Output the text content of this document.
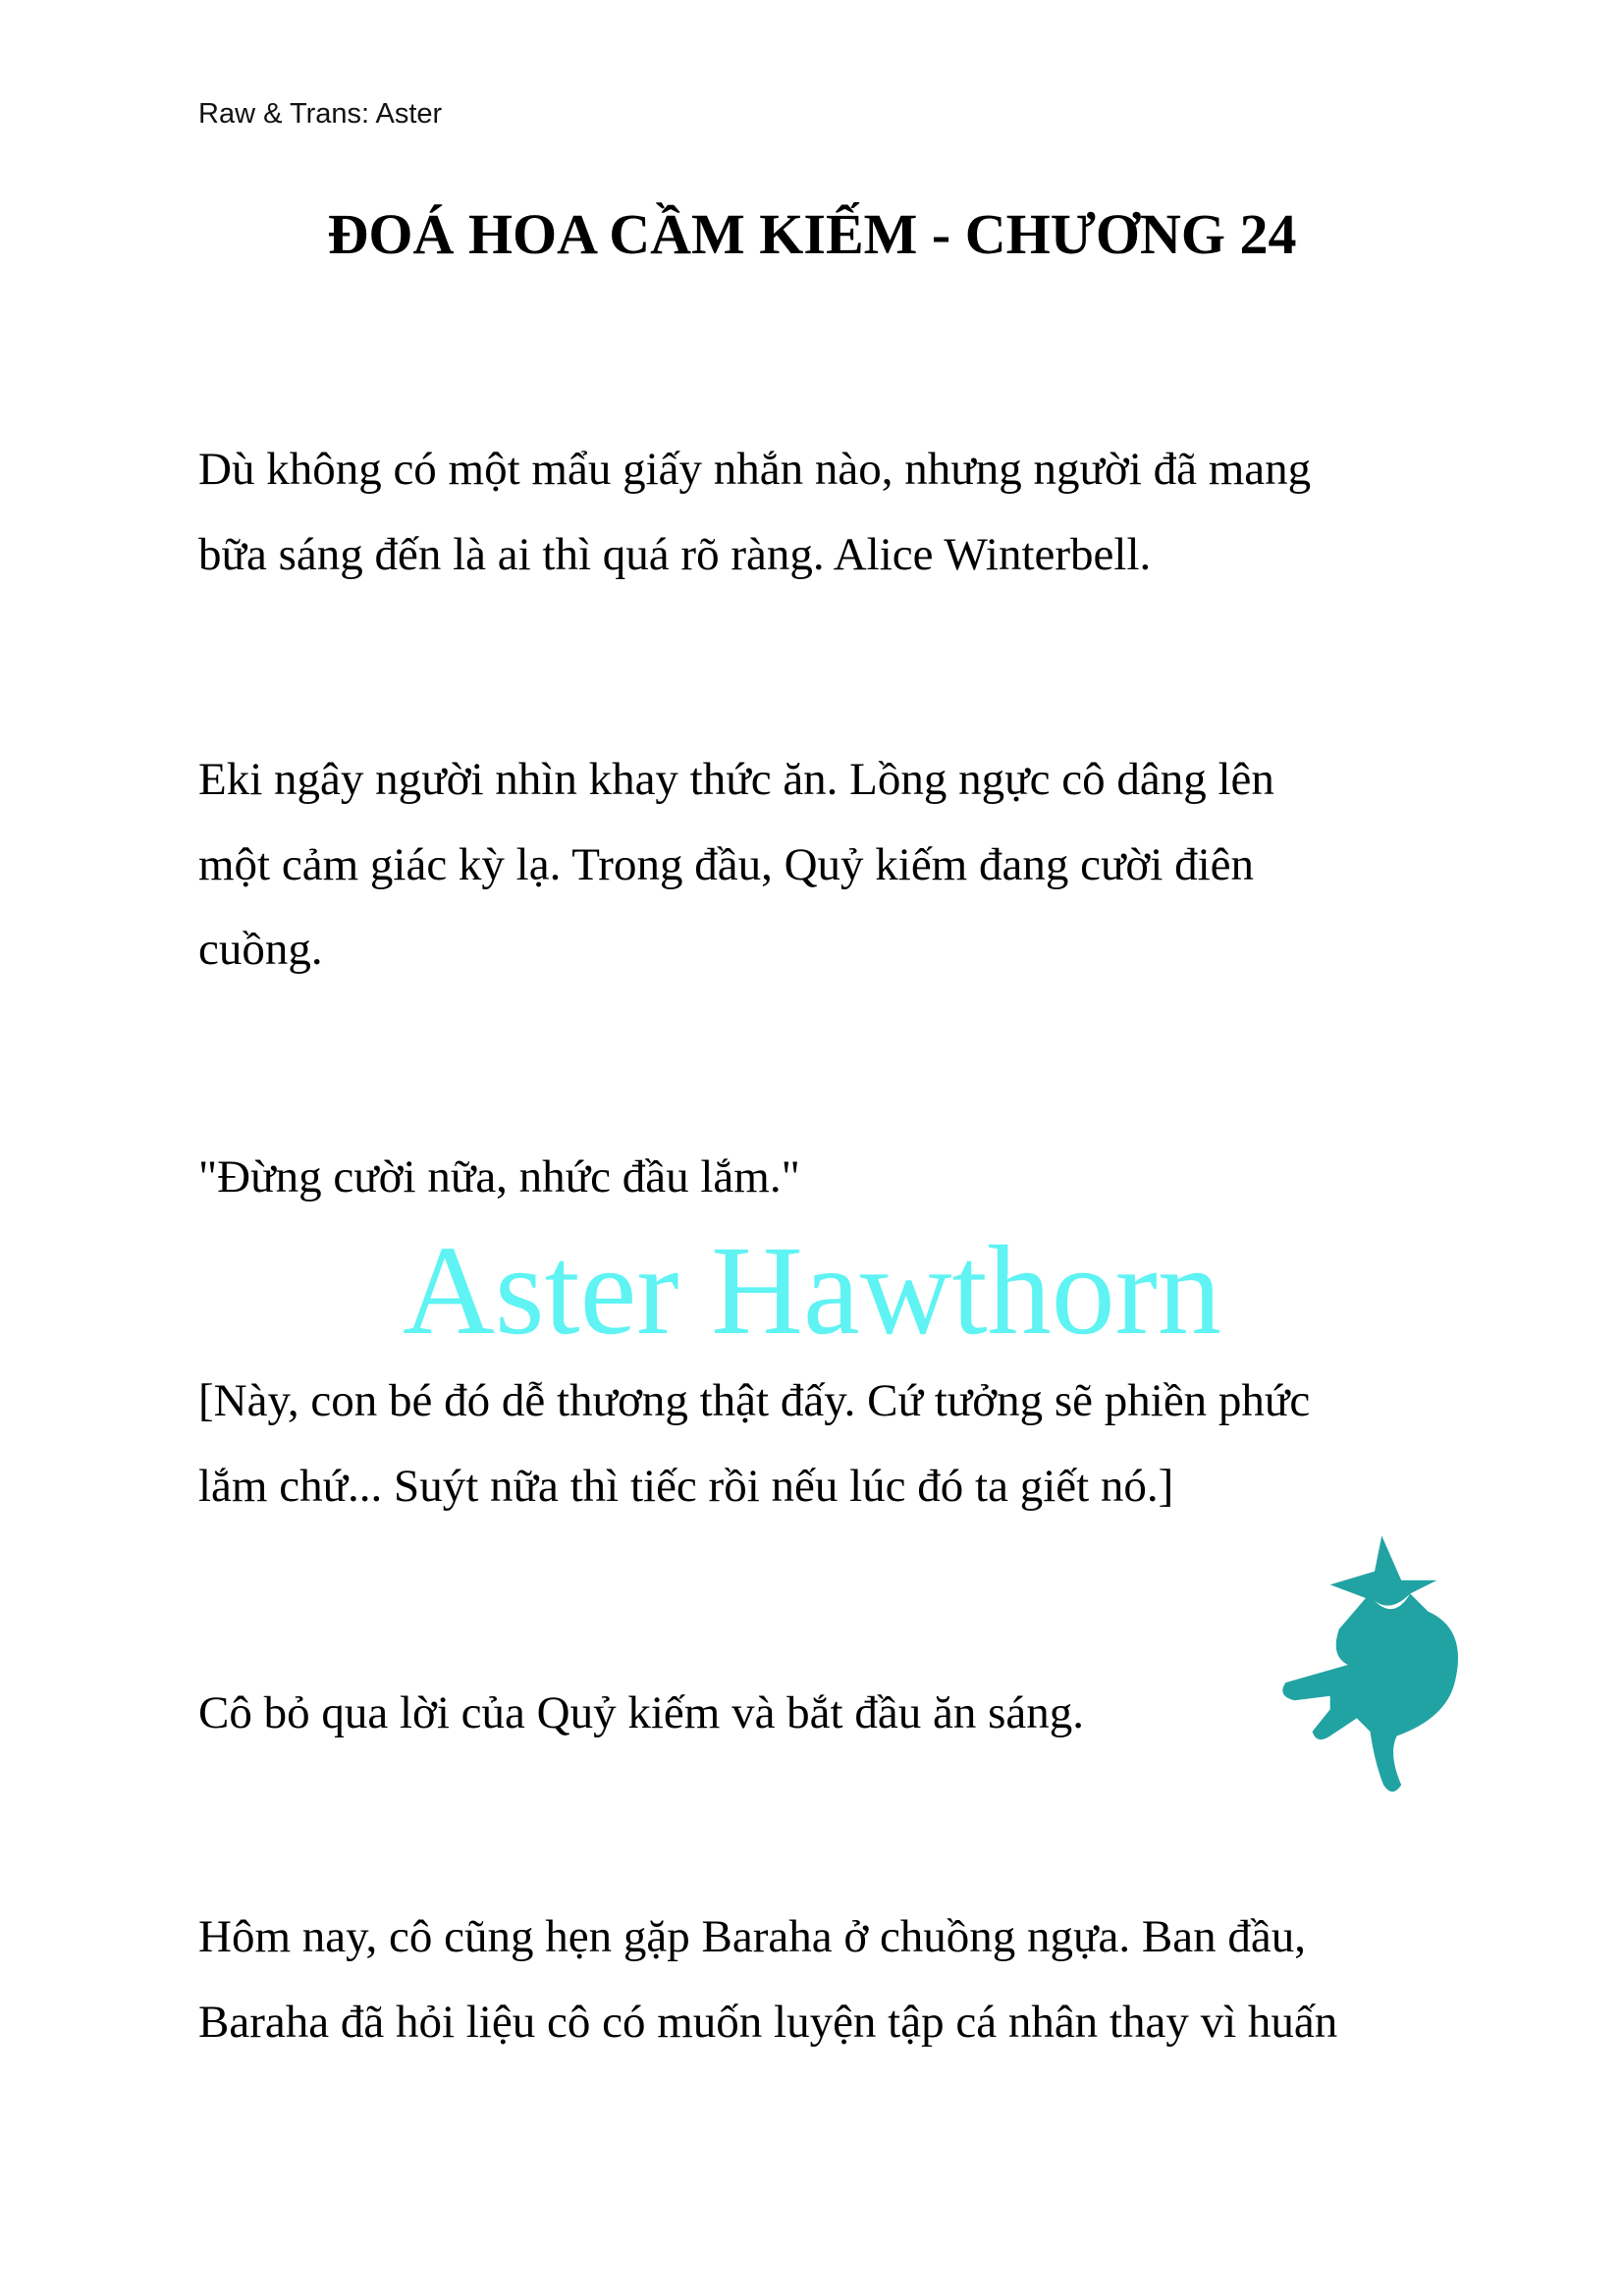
Raw & Trans: Aster
ĐOÁ HOA CẦM KIẾM - CHƯƠNG 24
Dù không có một mẩu giấy nhắn nào, nhưng người đã mang
bữa sáng đến là ai thì quá rõ ràng. Alice Winterbell.
Eki ngây người nhìn khay thức ăn. Lồng ngực cô dâng lên
một cảm giác kỳ lạ. Trong đầu, Quỷ kiếm đang cười điên
cuồng.
"Đừng cười nữa, nhức đầu lắm."
[Này, con bé đó dễ thương thật đấy. Cứ tưởng sẽ phiền phức
lắm chứ... Suýt nữa thì tiếc rồi nếu lúc đó ta giết nó.]
Cô bỏ qua lời của Quỷ kiếm và bắt đầu ăn sáng.
Hôm nay, cô cũng hẹn gặp Baraha ở chuồng ngựa. Ban đầu,
Baraha đã hỏi liệu cô có muốn luyện tập cá nhân thay vì huấn
Aster Hawthorn
